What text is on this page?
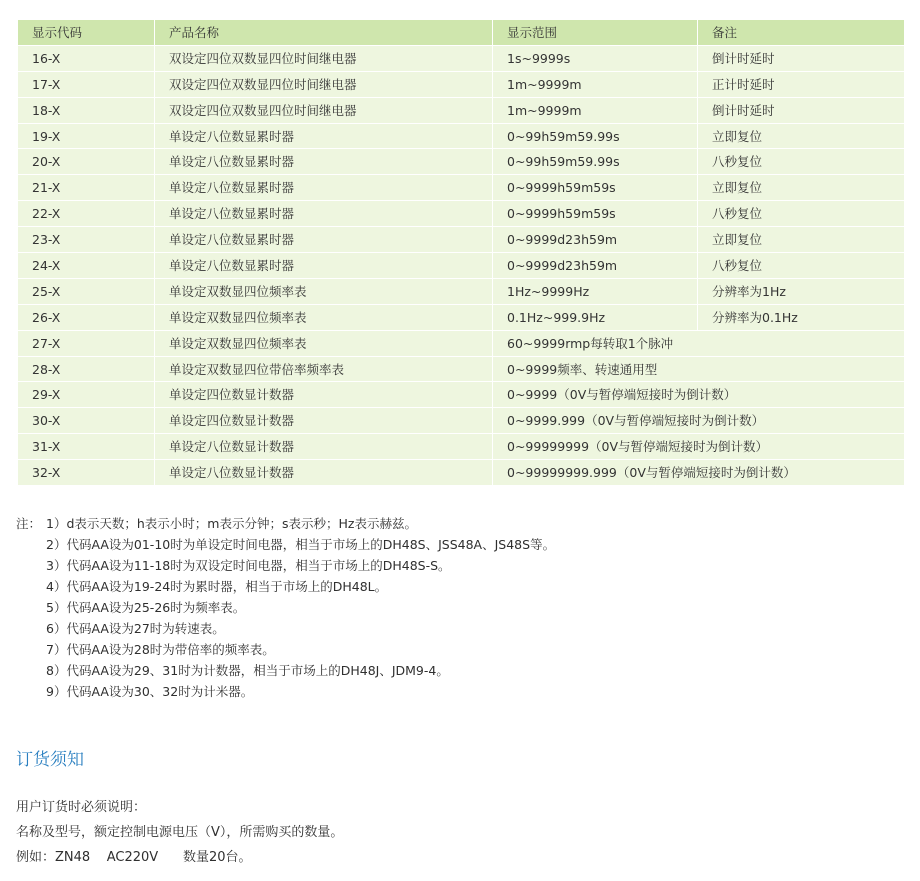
显示代码	产品名称	显示范围	备注
16-X	双设定四位双数显四位时间继电器	1s~9999s	倒计时延时
17-X	双设定四位双数显四位时间继电器	1m~9999m	正计时延时
18-X	双设定四位双数显四位时间继电器	1m~9999m	倒计时延时
19-X	单设定八位数显累时器	0~99h59m59.99s	立即复位
20-X	单设定八位数显累时器	0~99h59m59.99s	八秒复位
21-X	单设定八位数显累时器	0~9999h59m59s	立即复位
22-X	单设定八位数显累时器	0~9999h59m59s	八秒复位
23-X	单设定八位数显累时器	0~9999d23h59m	立即复位
24-X	单设定八位数显累时器	0~9999d23h59m	八秒复位
25-X	单设定双数显四位频率表	1Hz~9999Hz	分辨率为1Hz
26-X	单设定双数显四位频率表	0.1Hz~999.9Hz	分辨率为0.1Hz
27-X	单设定双数显四位频率表	60~9999rmp每转取1个脉冲
28-X	单设定双数显四位带倍率频率表	0~9999频率、转速通用型
29-X	单设定四位数显计数器	0~9999（0V与暂停端短接时为倒计数）
30-X	单设定四位数显计数器	0~9999.999（0V与暂停端短接时为倒计数）
31-X	单设定八位数显计数器	0~99999999（0V与暂停端短接时为倒计数）
32-X	单设定八位数显计数器	0~99999999.999（0V与暂停端短接时为倒计数）
注： 1）d表示天数；h表示小时；m表示分钟；s表示秒；Hz表示赫兹。
2）代码AA设为01-10时为单设定时间电器，相当于市场上的DH48S、JSS48A、JS48S等。
3）代码AA设为11-18时为双设定时间电器，相当于市场上的DH48S-S。
4）代码AA设为19-24时为累时器，相当于市场上的DH48L。
5）代码AA设为25-26时为频率表。
6）代码AA设为27时为转速表。
7）代码AA设为28时为带倍率的频率表。
8）代码AA设为29、31时为计数器，相当于市场上的DH48J、JDM9-4。
9）代码AA设为30、32时为计米器。
订货须知
用户订货时必须说明：
名称及型号，额定控制电源电压（V），所需购买的数量。
例如：ZN48    AC220V      数量20台。
